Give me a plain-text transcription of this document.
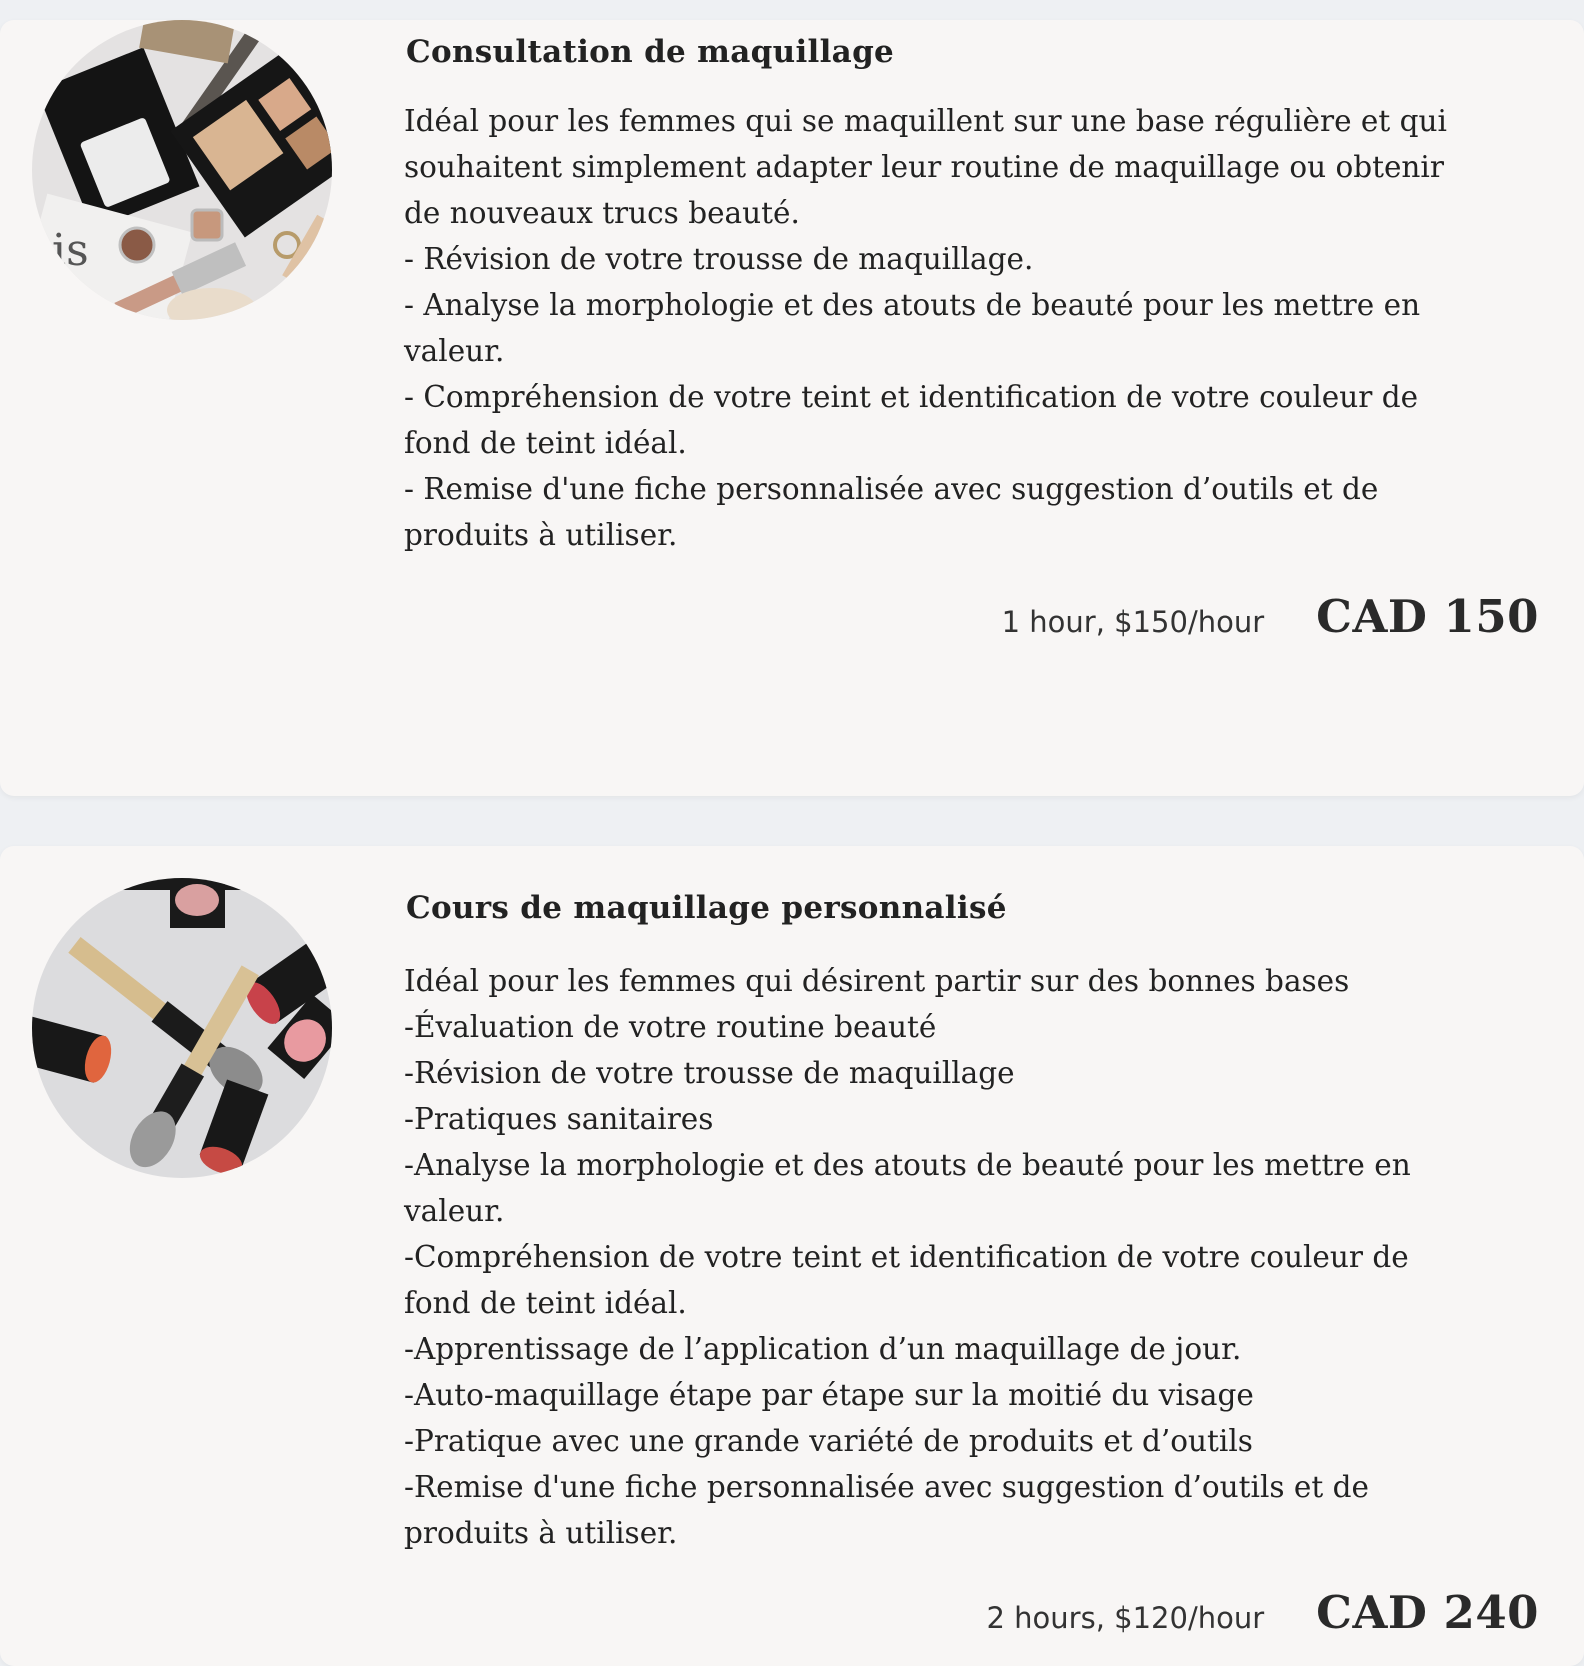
is
Consultation de maquillage

Idéal pour les femmes qui se maquillent sur une base régulière et qui
souhaitent simplement adapter leur routine de maquillage ou obtenir
de nouveaux trucs beauté.
- Révision de votre trousse de maquillage.
- Analyse la morphologie et des atouts de beauté pour les mettre en
valeur.
- Compréhension de votre teint et identification de votre couleur de
fond de teint idéal.
- Remise d'une fiche personnalisée avec suggestion d’outils et de
produits à utiliser.

1 hour, $150/hour CAD 150
Cours de maquillage personnalisé

Idéal pour les femmes qui désirent partir sur des bonnes bases
-Évaluation de votre routine beauté
-Révision de votre trousse de maquillage
-Pratiques sanitaires
-Analyse la morphologie et des atouts de beauté pour les mettre en
valeur.
-Compréhension de votre teint et identification de votre couleur de
fond de teint idéal.
-Apprentissage de l’application d’un maquillage de jour.
-Auto-maquillage étape par étape sur la moitié du visage
-Pratique avec une grande variété de produits et d’outils
-Remise d'une fiche personnalisée avec suggestion d’outils et de
produits à utiliser.

2 hours, $120/hour CAD 240
